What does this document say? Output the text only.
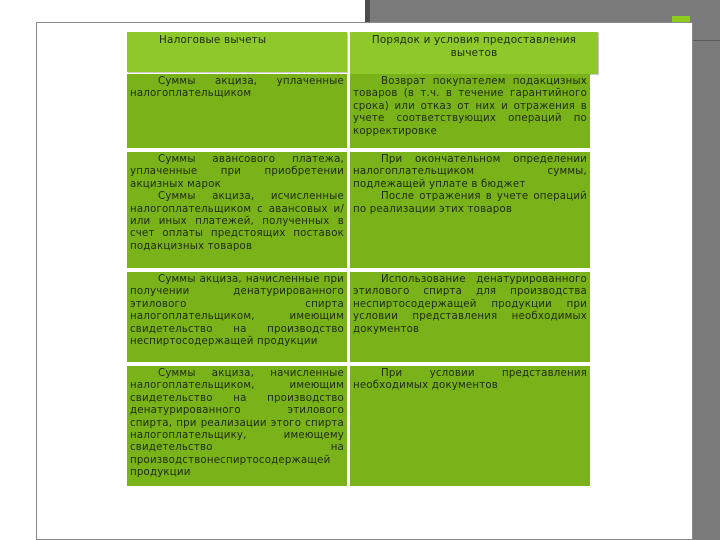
Налоговые вычеты	Порядок и условия предоставления вычетов
Суммы акциза, уплаченные налогоплательщиком
Возврат покупателем подакцизных товаров (в т.ч. в течение гарантийного срока) или отказ от них и отражения в учете соответствующих операций по корректировке
Суммы авансового платежа, уплаченные при приобретении акцизных марок
Суммы акциза, исчисленные налогоплательщиком с авансовых и/или иных платежей, полученных в счет оплаты предстоящих поставок подакцизных товаров
При окончательном определении налогоплательщиком суммы, подлежащей уплате в бюджет
После отражения в учете операций по реализации этих товаров
Суммы акциза, начисленные при получении денатурированного этилового спирта налогоплательщиком, имеющим свидетельство на производство неспиртосодержащей продукции
Использование денатурированного этилового спирта для производства неспиртосодержащей продукции при условии представления необходимых документов
Суммы акциза, начисленные налогоплательщиком, имеющим свидетельство на производство денатурированного этилового спирта, при реализации этого спирта налогоплательщику, имеющему свидетельство на производствонеспиртосодержащей продукции
При условии представления необходимых документов
